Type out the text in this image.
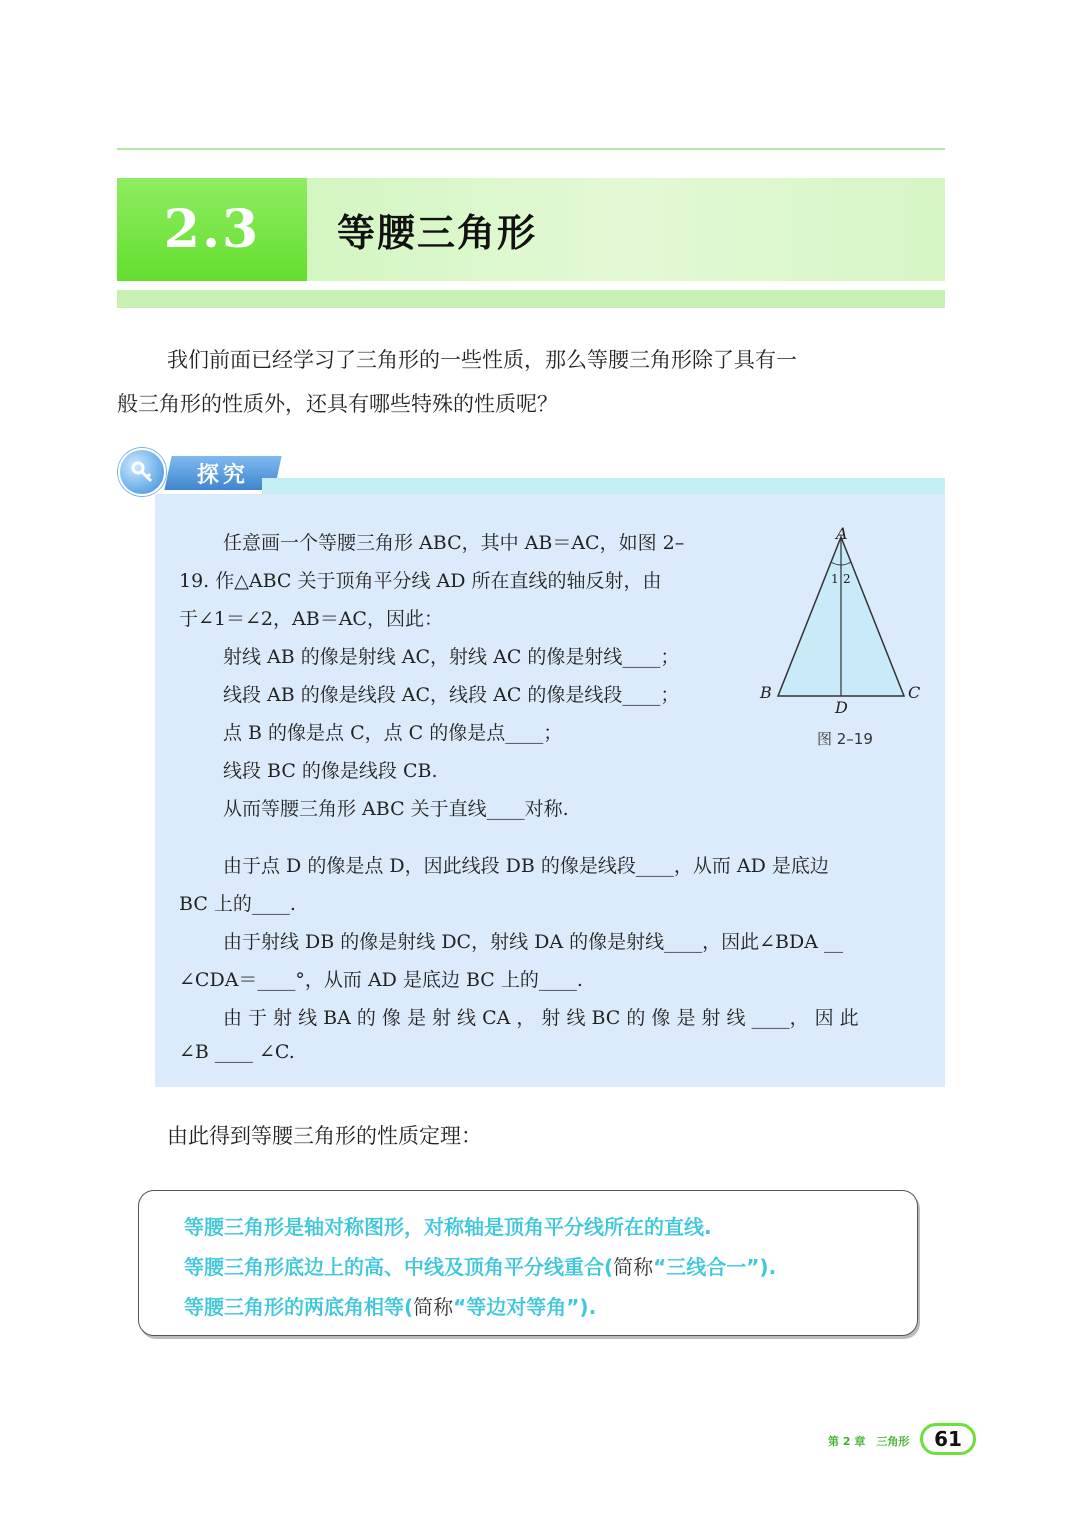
2.3 等腰三角形

我们前面已经学习了三角形的一些性质，那么等腰三角形除了具有一

般三角形的性质外，还具有哪些特殊的性质呢？
探究
任意画一个等腰三角形 ABC，其中 AB＝AC，如图 2–
19. 作△ABC 关于顶角平分线 AD 所在直线的轴反射，由
于∠1＝∠2，AB＝AC，因此：
射线 AB 的像是射线 AC，射线 AC 的像是射线____；
线段 AB 的像是线段 AC，线段 AC 的像是线段____；
点 B 的像是点 C，点 C 的像是点____；
线段 BC 的像是线段 CB.
从而等腰三角形 ABC 关于直线____对称.
由于点 D 的像是点 D，因此线段 DB 的像是线段____，从而 AD 是底边
BC 上的____.
由于射线 DB 的像是射线 DC，射线 DA 的像是射线____，因此∠BDA __
∠CDA＝____°，从而 AD 是底边 BC 上的____.
由 于 射 线 BA 的 像 是 射 线 CA ， 射 线 BC 的 像 是 射 线 ____， 因 此
∠B ____ ∠C.
A
B	C
D
1 2
图 2–19
由此得到等腰三角形的性质定理：
等腰三角形是轴对称图形，对称轴是顶角平分线所在的直线.
等腰三角形底边上的高、中线及顶角平分线重合(简称“三线合一”).
等腰三角形的两底角相等(简称“等边对等角”).
第 2 章　三角形 61
